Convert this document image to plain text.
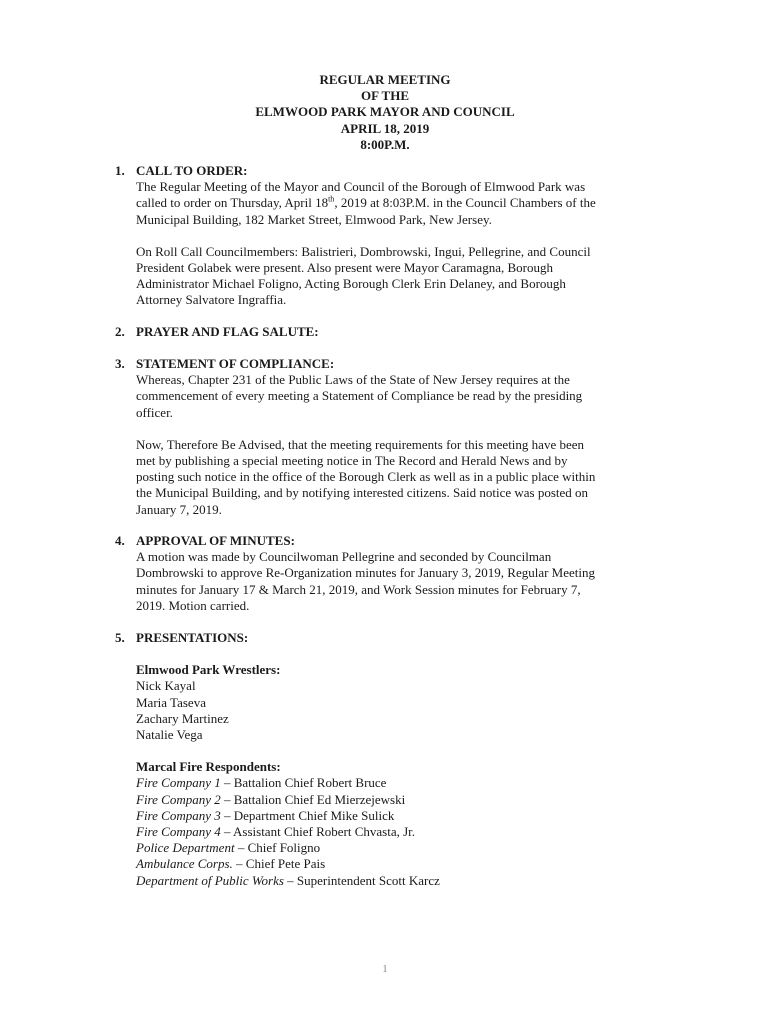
REGULAR MEETING
OF THE
ELMWOOD PARK MAYOR AND COUNCIL
APRIL 18, 2019
8:00P.M.
1. CALL TO ORDER:
The Regular Meeting of the Mayor and Council of the Borough of Elmwood Park was
called to order on Thursday, April 18th, 2019 at 8:03P.M. in the Council Chambers of the
Municipal Building, 182 Market Street, Elmwood Park, New Jersey.
On Roll Call Councilmembers: Balistrieri, Dombrowski, Ingui, Pellegrine, and Council
President Golabek were present. Also present were Mayor Caramagna, Borough
Administrator Michael Foligno, Acting Borough Clerk Erin Delaney, and Borough
Attorney Salvatore Ingraffia.
2. PRAYER AND FLAG SALUTE:
3. STATEMENT OF COMPLIANCE:
Whereas, Chapter 231 of the Public Laws of the State of New Jersey requires at the
commencement of every meeting a Statement of Compliance be read by the presiding
officer.
Now, Therefore Be Advised, that the meeting requirements for this meeting have been
met by publishing a special meeting notice in The Record and Herald News and by
posting such notice in the office of the Borough Clerk as well as in a public place within
the Municipal Building, and by notifying interested citizens. Said notice was posted on
January 7, 2019.
4. APPROVAL OF MINUTES:
A motion was made by Councilwoman Pellegrine and seconded by Councilman
Dombrowski to approve Re-Organization minutes for January 3, 2019, Regular Meeting
minutes for January 17 & March 21, 2019, and Work Session minutes for February 7,
2019. Motion carried.
5. PRESENTATIONS:
Elmwood Park Wrestlers:
Nick Kayal
Maria Taseva
Zachary Martinez
Natalie Vega
Marcal Fire Respondents:
Fire Company 1 – Battalion Chief Robert Bruce
Fire Company 2 – Battalion Chief Ed Mierzejewski
Fire Company 3 – Department Chief Mike Sulick
Fire Company 4 – Assistant Chief Robert Chvasta, Jr.
Police Department – Chief Foligno
Ambulance Corps. – Chief Pete Pais
Department of Public Works – Superintendent Scott Karcz
1
